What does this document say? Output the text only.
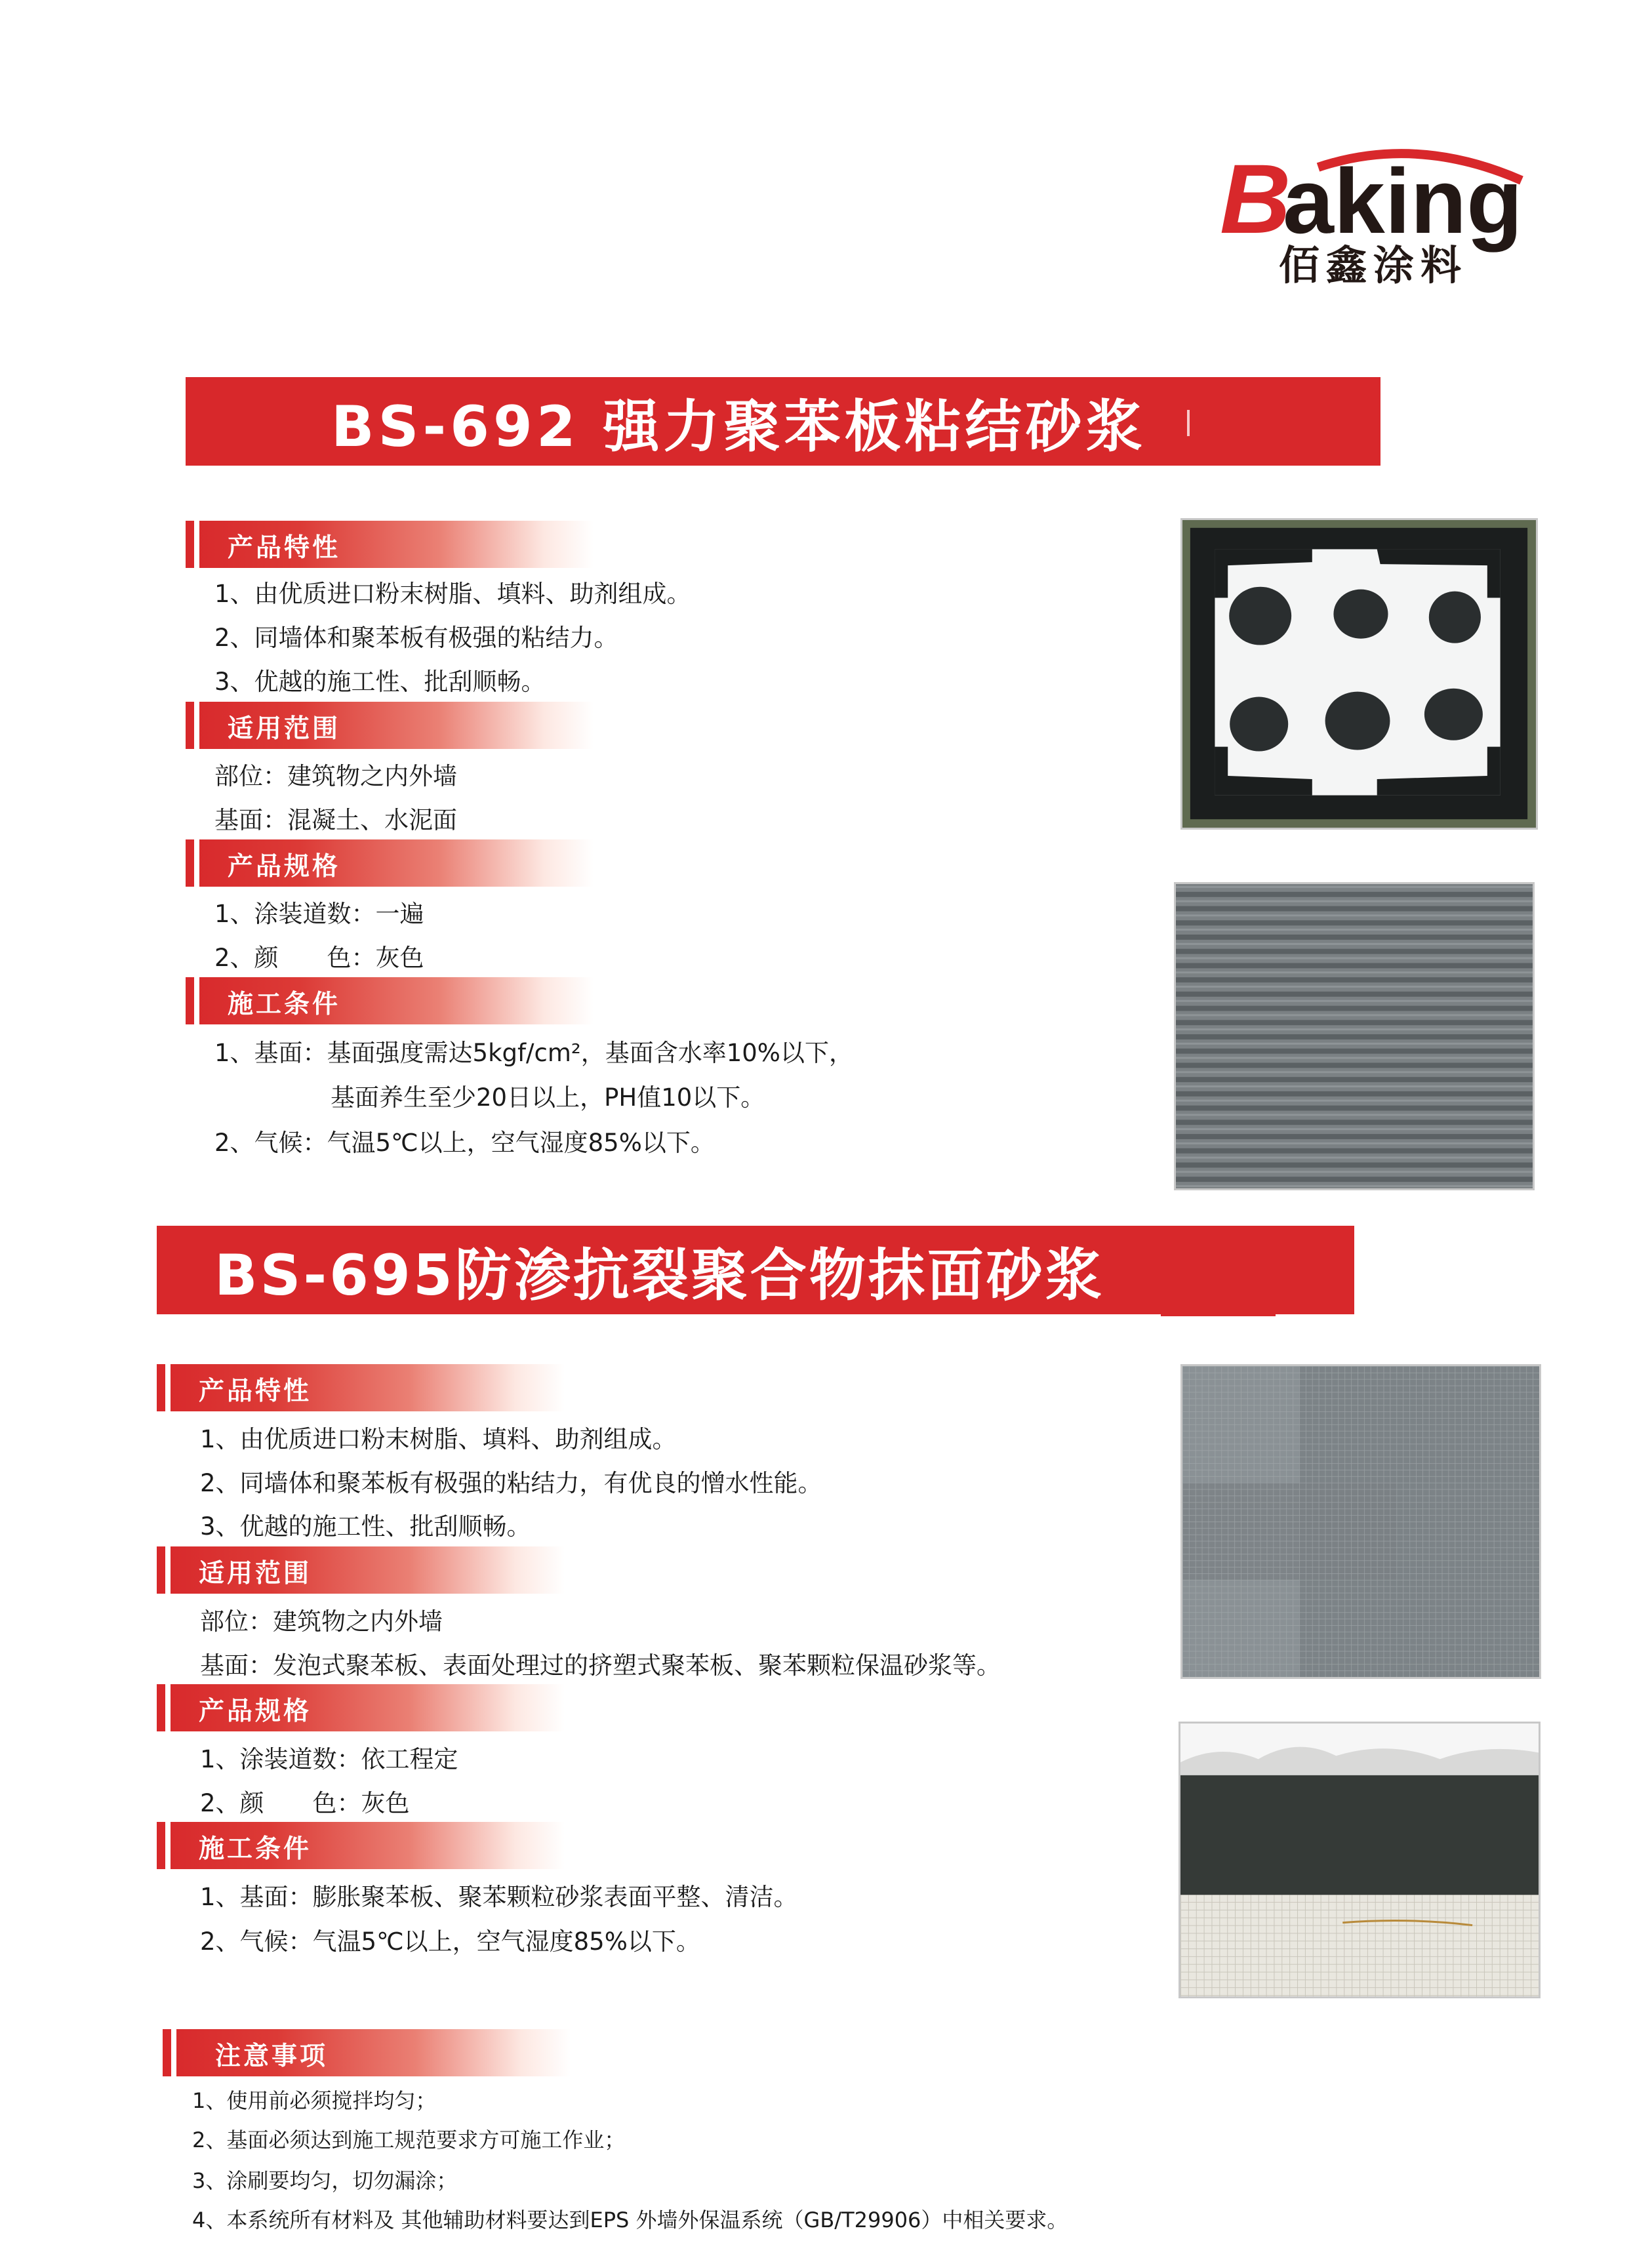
B
aking
佰鑫涂料
BS-692 强力聚苯板粘结砂浆
产品特性
1、由优质进口粉末树脂、填料、助剂组成。
2、同墙体和聚苯板有极强的粘结力。
3、优越的施工性、批刮顺畅。
适用范围
部位：建筑物之内外墙
基面：混凝土、水泥面
产品规格
1、涂装道数：一遍
2、颜　　色：灰色
施工条件
1、基面：基面强度需达5kgf/cm²，基面含水率10%以下，
基面养生至少20日以上，PH值10以下。
2、气候：气温5℃以上，空气湿度85%以下。
BS-695防渗抗裂聚合物抹面砂浆
产品特性
1、由优质进口粉末树脂、填料、助剂组成。
2、同墙体和聚苯板有极强的粘结力，有优良的憎水性能。
3、优越的施工性、批刮顺畅。
适用范围
部位：建筑物之内外墙
基面：发泡式聚苯板、表面处理过的挤塑式聚苯板、聚苯颗粒保温砂浆等。
产品规格
1、涂装道数：依工程定
2、颜　　色：灰色
施工条件
1、基面：膨胀聚苯板、聚苯颗粒砂浆表面平整、清洁。
2、气候：气温5℃以上，空气湿度85%以下。
注意事项
1、使用前必须搅拌均匀；
2、基面必须达到施工规范要求方可施工作业；
3、涂刷要均匀，切勿漏涂；
4、本系统所有材料及 其他辅助材料要达到EPS 外墙外保温系统（GB/T29906）中相关要求。
